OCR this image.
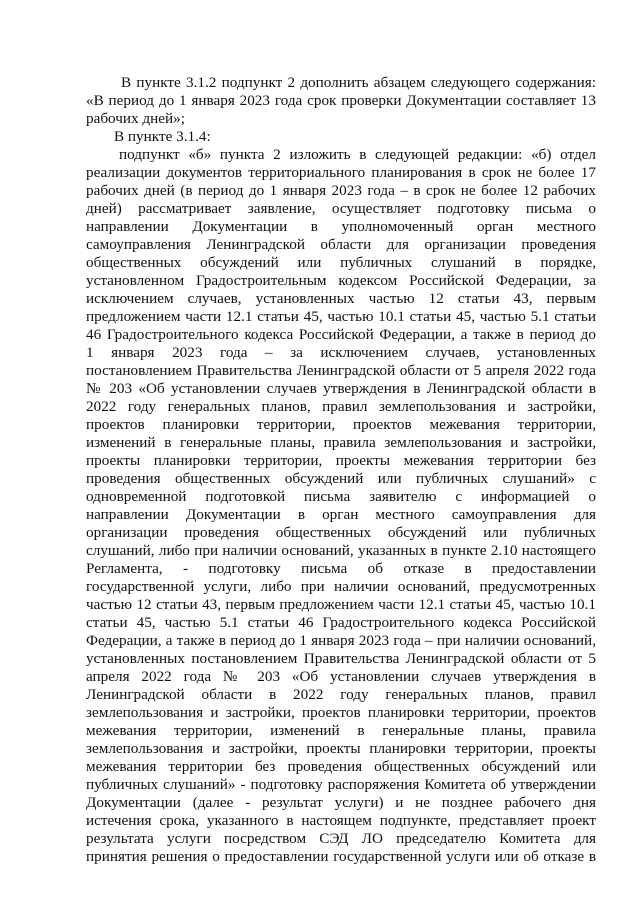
В пункте 3.1.2 подпункт 2 дополнить абзацем следующего содержания:
«В период до 1 января 2023 года срок проверки Документации составляет 13
рабочих дней»;
В пункте 3.1.4:
подпункт «б» пункта 2 изложить в следующей редакции: «б) отдел
реализации документов территориального планирования в срок не более 17
рабочих дней (в период до 1 января 2023 года – в срок не более 12 рабочих
дней) рассматривает заявление, осуществляет подготовку письма о
направлении Документации в уполномоченный орган местного
самоуправления Ленинградской области для организации проведения
общественных обсуждений или публичных слушаний в порядке,
установленном Градостроительным кодексом Российской Федерации, за
исключением случаев, установленных частью 12 статьи 43, первым
предложением части 12.1 статьи 45, частью 10.1 статьи 45, частью 5.1 статьи
46 Градостроительного кодекса Российской Федерации, а также в период до
1 января 2023 года – за исключением случаев, установленных
постановлением Правительства Ленинградской области от 5 апреля 2022 года
№ 203 «Об установлении случаев утверждения в Ленинградской области в
2022 году генеральных планов, правил землепользования и застройки,
проектов планировки территории, проектов межевания территории,
изменений в генеральные планы, правила землепользования и застройки,
проекты планировки территории, проекты межевания территории без
проведения общественных обсуждений или публичных слушаний» с
одновременной подготовкой письма заявителю с информацией о
направлении Документации в орган местного самоуправления для
организации проведения общественных обсуждений или публичных
слушаний, либо при наличии оснований, указанных в пункте 2.10 настоящего
Регламента, - подготовку письма об отказе в предоставлении
государственной услуги, либо при наличии оснований, предусмотренных
частью 12 статьи 43, первым предложением части 12.1 статьи 45, частью 10.1
статьи 45, частью 5.1 статьи 46 Градостроительного кодекса Российской
Федерации, а также в период до 1 января 2023 года – при наличии оснований,
установленных постановлением Правительства Ленинградской области от 5
апреля 2022 года № 203 «Об установлении случаев утверждения в
Ленинградской области в 2022 году генеральных планов, правил
землепользования и застройки, проектов планировки территории, проектов
межевания территории, изменений в генеральные планы, правила
землепользования и застройки, проекты планировки территории, проекты
межевания территории без проведения общественных обсуждений или
публичных слушаний» - подготовку распоряжения Комитета об утверждении
Документации (далее - результат услуги) и не позднее рабочего дня
истечения срока, указанного в настоящем подпункте, представляет проект
результата услуги посредством СЭД ЛО председателю Комитета для
принятия решения о предоставлении государственной услуги или об отказе в
